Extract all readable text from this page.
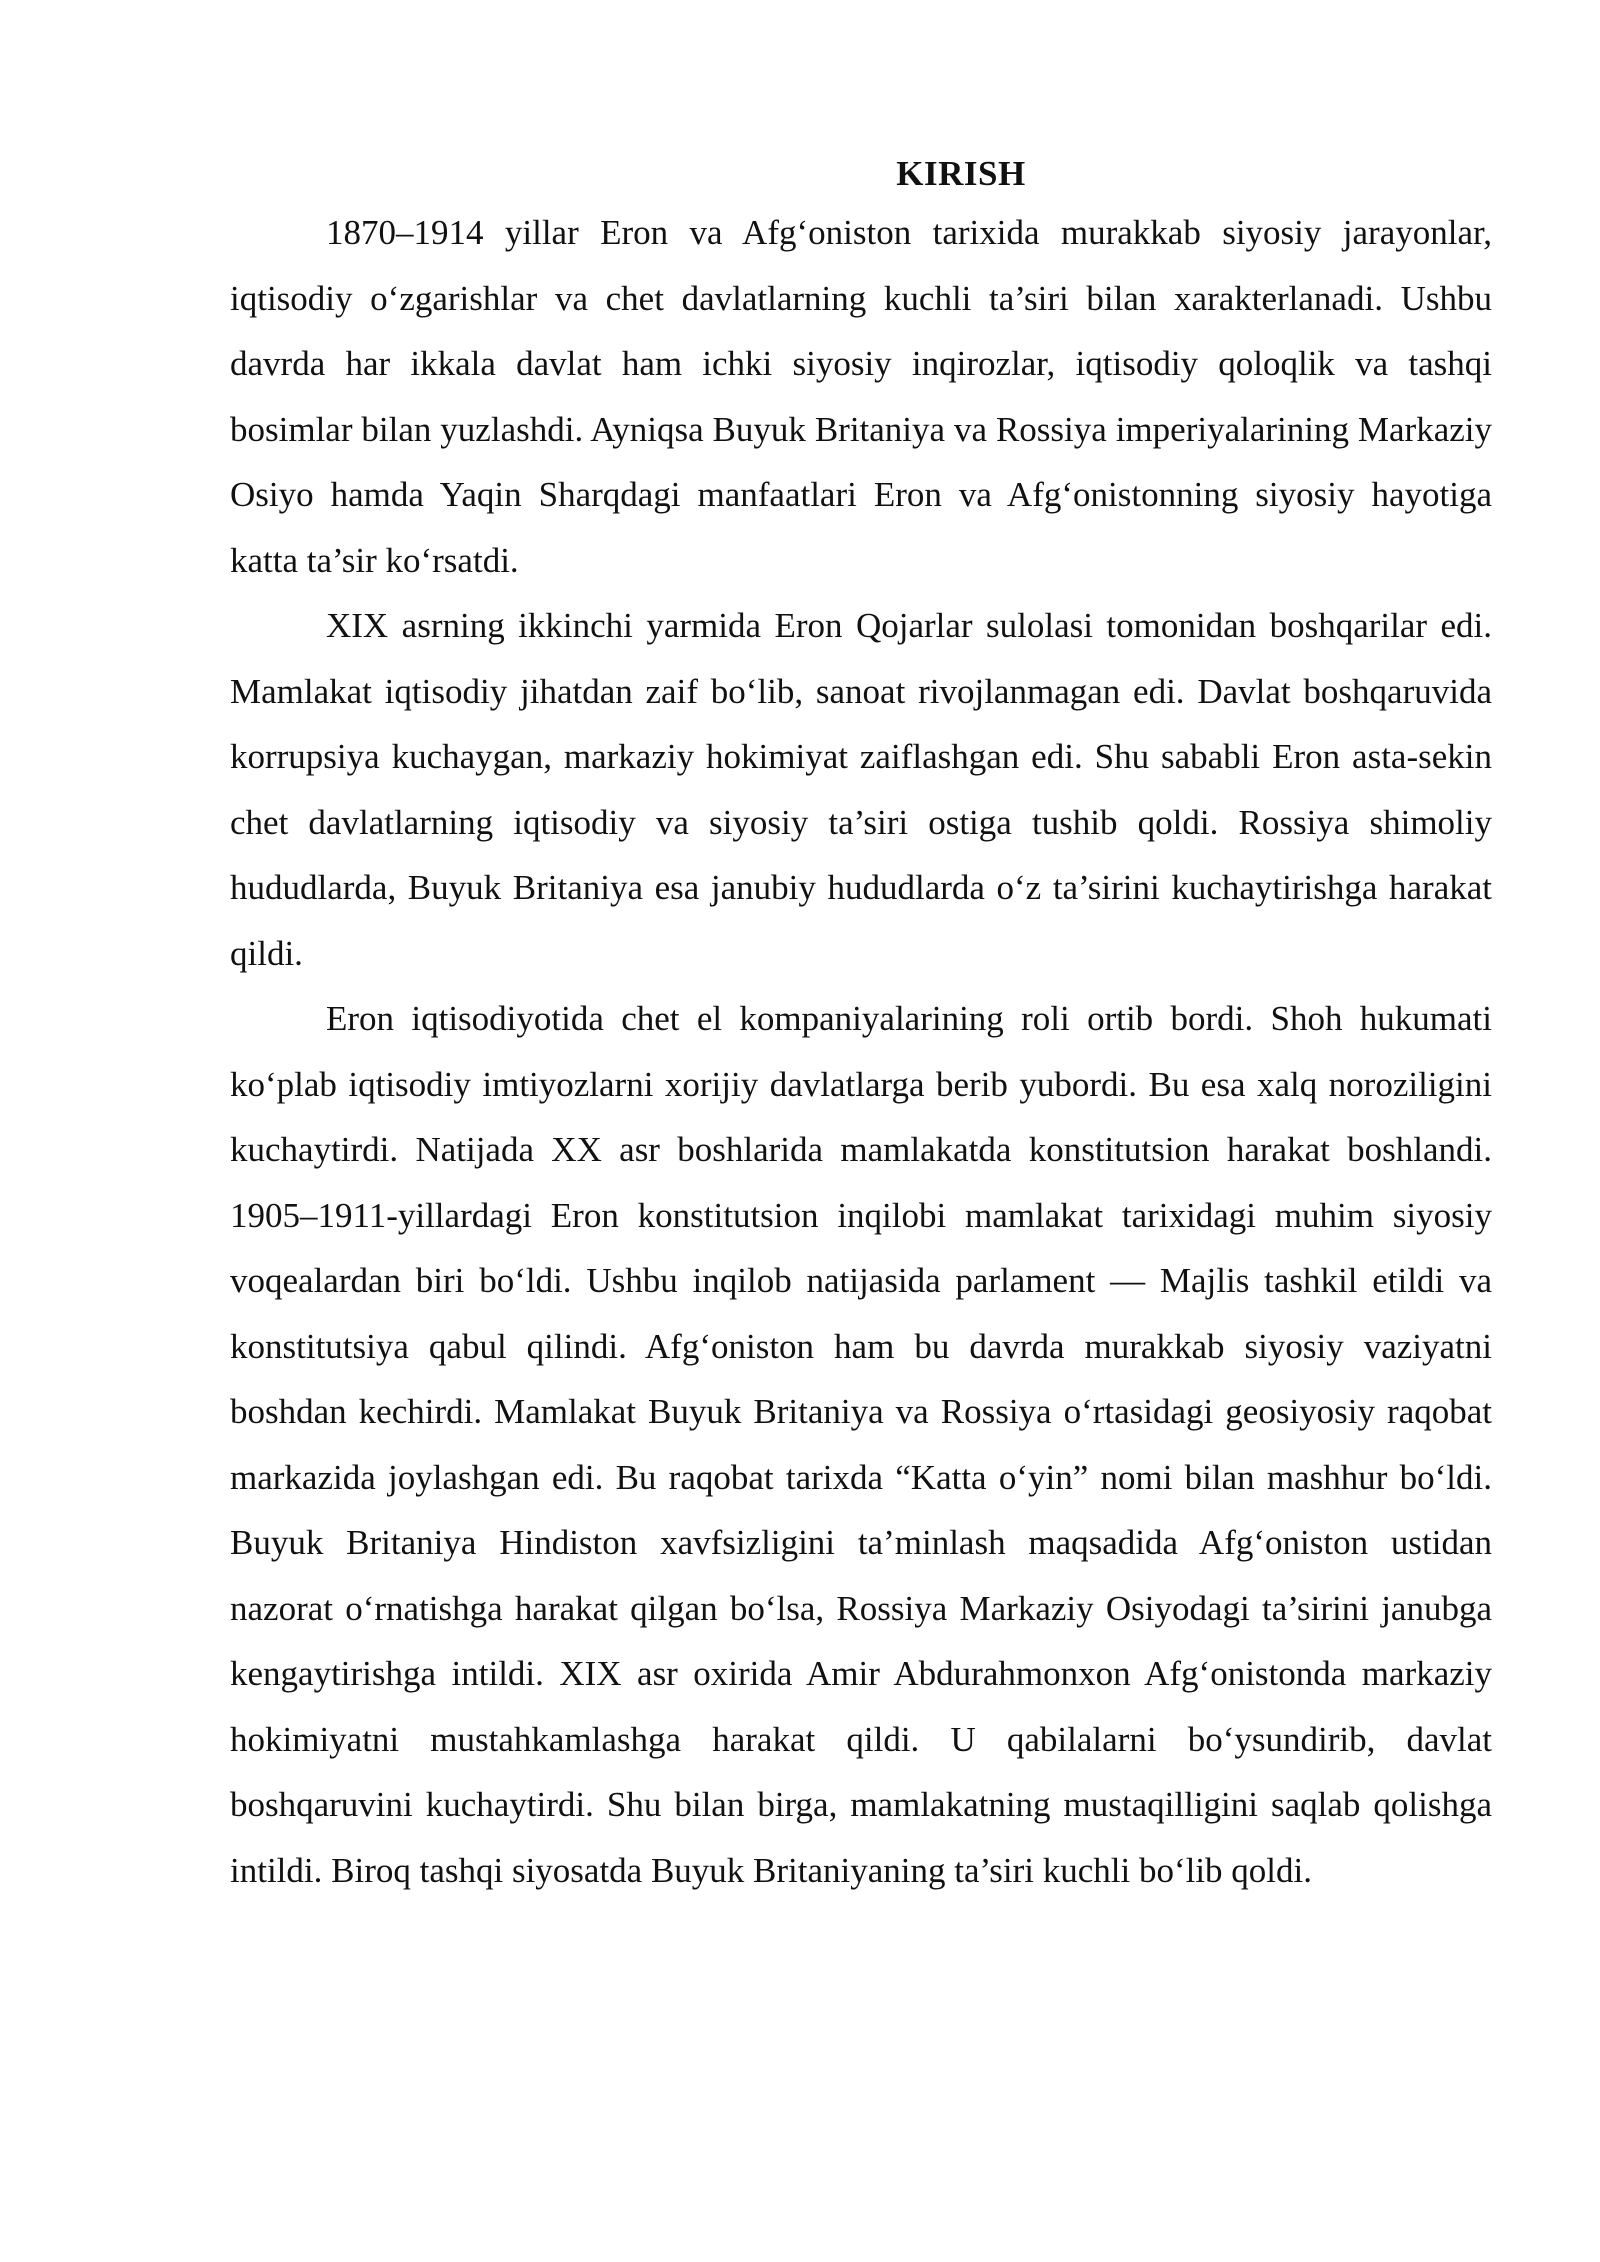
KIRISH

1870–1914 yillar Eron va Afg‘oniston tarixida murakkab siyosiy jarayonlar, iqtisodiy o‘zgarishlar va chet davlatlarning kuchli ta’siri bilan xarakterlanadi. Ushbu davrda har ikkala davlat ham ichki siyosiy inqirozlar, iqtisodiy qoloqlik va tashqi bosimlar bilan yuzlashdi. Ayniqsa Buyuk Britaniya va Rossiya imperiyalarining Markaziy Osiyo hamda Yaqin Sharqdagi manfaatlari Eron va Afg‘onistonning siyosiy hayotiga katta ta’sir ko‘rsatdi.

XIX asrning ikkinchi yarmida Eron Qojarlar sulolasi tomonidan boshqarilar edi. Mamlakat iqtisodiy jihatdan zaif bo‘lib, sanoat rivojlanmagan edi. Davlat boshqaruvida korrupsiya kuchaygan, markaziy hokimiyat zaiflashgan edi. Shu sababli Eron asta-sekin chet davlatlarning iqtisodiy va siyosiy ta’siri ostiga tushib qoldi. Rossiya shimoliy hududlarda, Buyuk Britaniya esa janubiy hududlarda o‘z ta’sirini kuchaytirishga harakat qildi.

Eron iqtisodiyotida chet el kompaniyalarining roli ortib bordi. Shoh hukumati ko‘plab iqtisodiy imtiyozlarni xorijiy davlatlarga berib yubordi. Bu esa xalq noroziligini kuchaytirdi. Natijada XX asr boshlarida mamlakatda konstitutsion harakat boshlandi. 1905–1911-yillardagi Eron konstitutsion inqilobi mamlakat tarixidagi muhim siyosiy voqealardan biri bo‘ldi. Ushbu inqilob natijasida parlament — Majlis tashkil etildi va konstitutsiya qabul qilindi. Afg‘oniston ham bu davrda murakkab siyosiy vaziyatni boshdan kechirdi. Mamlakat Buyuk Britaniya va Rossiya o‘rtasidagi geosiyosiy raqobat markazida joylashgan edi. Bu raqobat tarixda “Katta o‘yin” nomi bilan mashhur bo‘ldi. Buyuk Britaniya Hindiston xavfsizligini ta’minlash maqsadida Afg‘oniston ustidan nazorat o‘rnatishga harakat qilgan bo‘lsa, Rossiya Markaziy Osiyodagi ta’sirini janubga kengaytirishga intildi. XIX asr oxirida Amir Abdurahmonxon Afg‘onistonda markaziy hokimiyatni mustahkamlashga harakat qildi. U qabilalarni bo‘ysundirib, davlat boshqaruvini kuchaytirdi. Shu bilan birga, mamlakatning mustaqilligini saqlab qolishga intildi. Biroq tashqi siyosatda Buyuk Britaniyaning ta’siri kuchli bo‘lib qoldi.
